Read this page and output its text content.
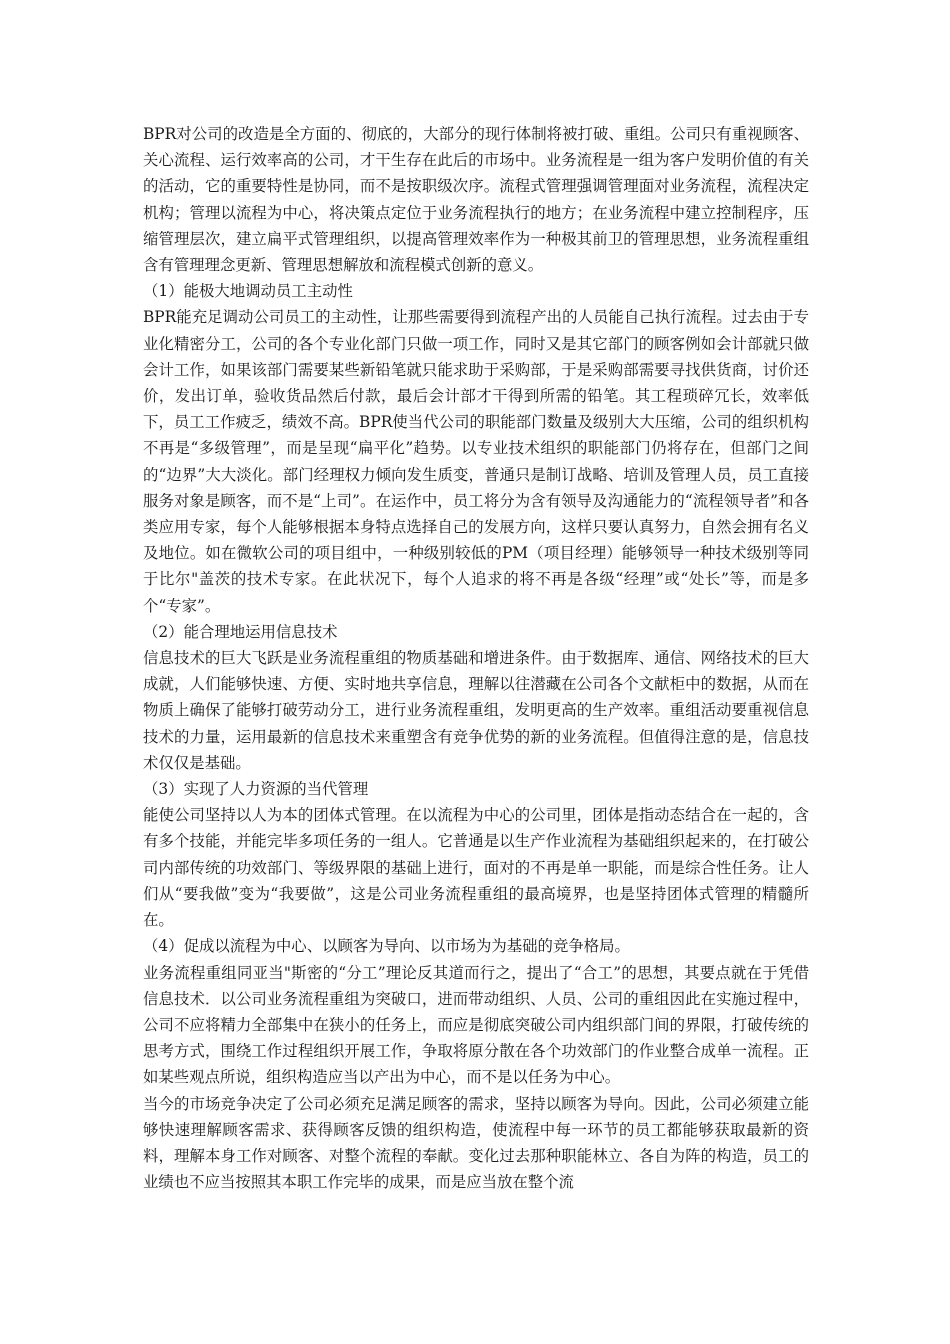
BPR对公司的改造是全方面的、彻底的，大部分的现行体制将被打破、重组。公司只有重视顾客、关心流程、运行效率高的公司，才干生存在此后的市场中。业务流程是一组为客户发明价值的有关的活动，它的重要特性是协同，而不是按职级次序。流程式管理强调管理面对业务流程，流程决定机构；管理以流程为中心，将决策点定位于业务流程执行的地方；在业务流程中建立控制程序，压缩管理层次，建立扁平式管理组织，以提高管理效率作为一种极其前卫的管理思想，业务流程重组含有管理理念更新、管理思想解放和流程模式创新的意义。

（1）能极大地调动员工主动性

BPR能充足调动公司员工的主动性，让那些需要得到流程产出的人员能自己执行流程。过去由于专业化精密分工，公司的各个专业化部门只做一项工作，同时又是其它部门的顾客例如会计部就只做会计工作，如果该部门需要某些新铅笔就只能求助于采购部，于是采购部需要寻找供货商，讨价还价，发出订单，验收货品然后付款，最后会计部才干得到所需的铅笔。其工程琐碎冗长，效率低下，员工工作疲乏，绩效不高。BPR使当代公司的职能部门数量及级别大大压缩，公司的组织机构不再是“多级管理”，而是呈现“扁平化”趋势。以专业技术组织的职能部门仍将存在，但部门之间的“边界”大大淡化。部门经理权力倾向发生质变，普通只是制订战略、培训及管理人员，员工直接服务对象是顾客，而不是“上司”。在运作中，员工将分为含有领导及沟通能力的“流程领导者”和各类应用专家，每个人能够根据本身特点选择自己的发展方向，这样只要认真努力，自然会拥有名义及地位。如在微软公司的项目组中，一种级别较低的PM（项目经理）能够领导一种技术级别等同于比尔"盖茨的技术专家。在此状况下，每个人追求的将不再是各级“经理”或“处长”等，而是多个“专家”。

（2）能合理地运用信息技术

信息技术的巨大飞跃是业务流程重组的物质基础和增进条件。由于数据库、通信、网络技术的巨大成就，人们能够快速、方便、实时地共享信息，理解以往潜藏在公司各个文献柜中的数据，从而在物质上确保了能够打破劳动分工，进行业务流程重组，发明更高的生产效率。重组活动要重视信息技术的力量，运用最新的信息技术来重塑含有竞争优势的新的业务流程。但值得注意的是，信息技术仅仅是基础。

（3）实现了人力资源的当代管理

能使公司坚持以人为本的团体式管理。在以流程为中心的公司里，团体是指动态结合在一起的，含有多个技能，并能完毕多项任务的一组人。它普通是以生产作业流程为基础组织起来的，在打破公司内部传统的功效部门、等级界限的基础上进行，面对的不再是单一职能，而是综合性任务。让人们从“要我做”变为“我要做”，这是公司业务流程重组的最高境界，也是坚持团体式管理的精髓所在。

（4）促成以流程为中心、以顾客为导向、以市场为为基础的竞争格局。

业务流程重组同亚当"斯密的“分工”理论反其道而行之，提出了“合工”的思想，其要点就在于凭借信息技术．以公司业务流程重组为突破口，进而带动组织、人员、公司的重组因此在实施过程中，公司不应将精力全部集中在狭小的任务上，而应是彻底突破公司内组织部门间的界限，打破传统的思考方式，围绕工作过程组织开展工作，争取将原分散在各个功效部门的作业整合成单一流程。正如某些观点所说，组织构造应当以产出为中心，而不是以任务为中心。

当今的市场竞争决定了公司必须充足满足顾客的需求，坚持以顾客为导向。因此，公司必须建立能够快速理解顾客需求、获得顾客反馈的组织构造，使流程中每一环节的员工都能够获取最新的资料，理解本身工作对顾客、对整个流程的奉献。变化过去那种职能林立、各自为阵的构造，员工的业绩也不应当按照其本职工作完毕的成果，而是应当放在整个流
